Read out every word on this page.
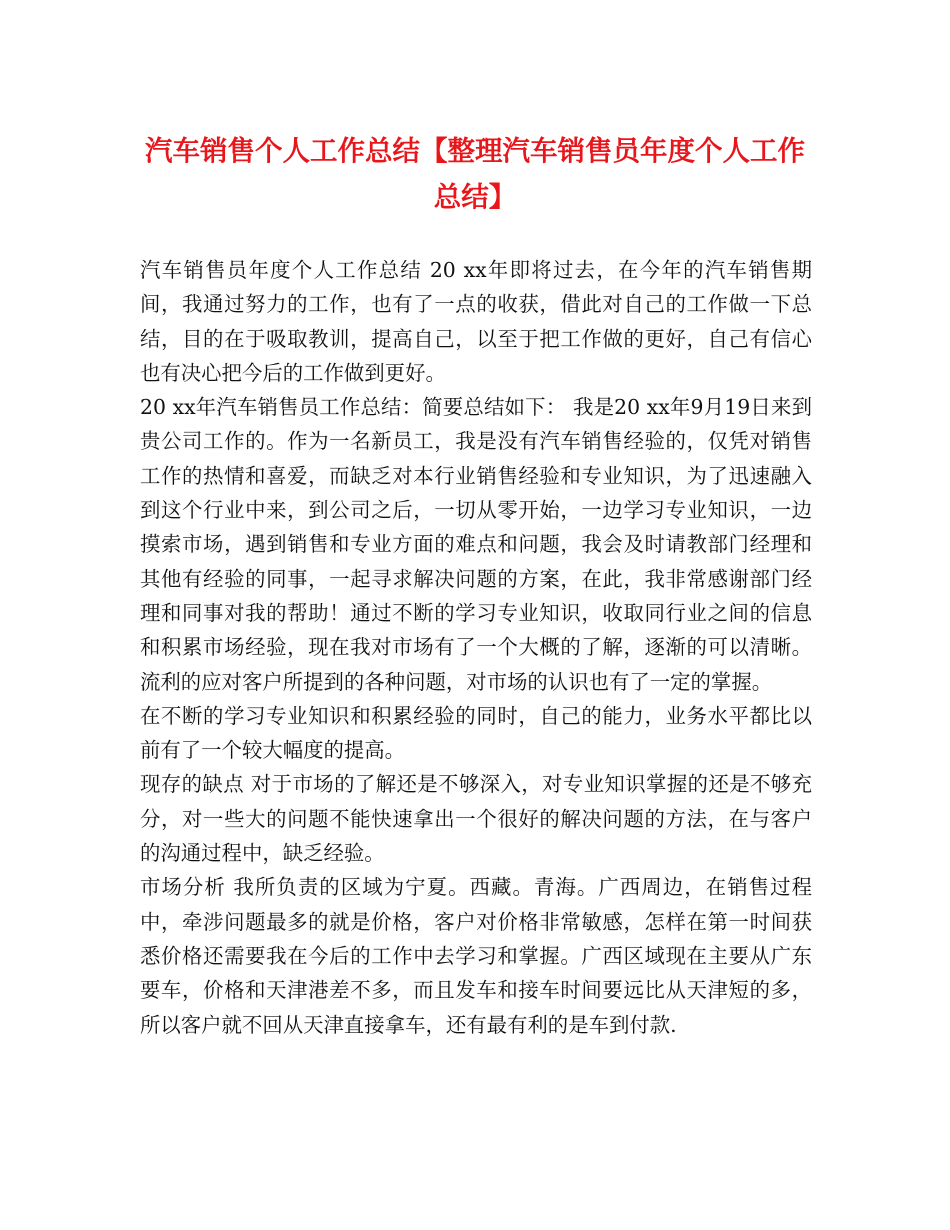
汽车销售个人工作总结【整理汽车销售员年度个人工作总结】

汽车销售员年度个人工作总结 20 xx年即将过去，在今年的汽车销售期间，我通过努力的工作，也有了一点的收获，借此对自己的工作做一下总结，目的在于吸取教训，提高自己，以至于把工作做的更好，自己有信心也有决心把今后的工作做到更好。

20 xx年汽车销售员工作总结：简要总结如下： 我是20 xx年9月19日来到贵公司工作的。作为一名新员工，我是没有汽车销售经验的，仅凭对销售工作的热情和喜爱，而缺乏对本行业销售经验和专业知识，为了迅速融入到这个行业中来，到公司之后，一切从零开始，一边学习专业知识，一边摸索市场，遇到销售和专业方面的难点和问题，我会及时请教部门经理和其他有经验的同事，一起寻求解决问题的方案，在此，我非常感谢部门经理和同事对我的帮助！通过不断的学习专业知识，收取同行业之间的信息和积累市场经验，现在我对市场有了一个大概的了解，逐渐的可以清晰。流利的应对客户所提到的各种问题，对市场的认识也有了一定的掌握。

在不断的学习专业知识和积累经验的同时，自己的能力，业务水平都比以前有了一个较大幅度的提高。

现存的缺点 对于市场的了解还是不够深入，对专业知识掌握的还是不够充分，对一些大的问题不能快速拿出一个很好的解决问题的方法，在与客户的沟通过程中，缺乏经验。

市场分析 我所负责的区域为宁夏。西藏。青海。广西周边，在销售过程中，牵涉问题最多的就是价格，客户对价格非常敏感，怎样在第一时间获悉价格还需要我在今后的工作中去学习和掌握。广西区域现在主要从广东要车，价格和天津港差不多，而且发车和接车时间要远比从天津短的多，所以客户就不回从天津直接拿车，还有最有利的是车到付款.
